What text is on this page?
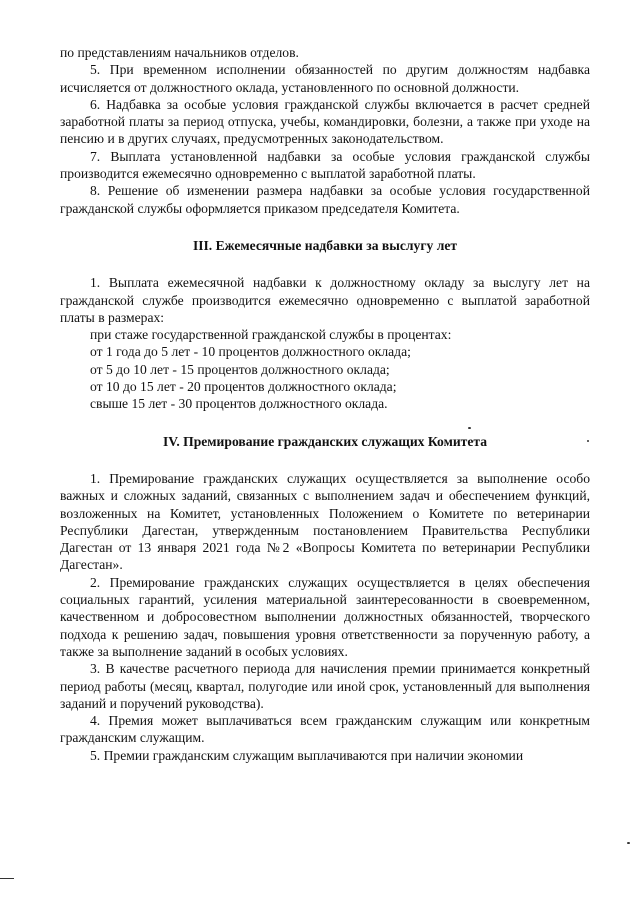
по представлениям начальников отделов.

5. При временном исполнении обязанностей по другим должностям надбавка исчисляется от должностного оклада, установленного по основной должности.

6. Надбавка за особые условия гражданской службы включается в расчет средней заработной платы за период отпуска, учебы, командировки, болезни, а также при уходе на пенсию и в других случаях, предусмотренных законодательством.

7. Выплата установленной надбавки за особые условия гражданской службы производится ежемесячно одновременно с выплатой заработной платы.

8. Решение об изменении размера надбавки за особые условия государственной гражданской службы оформляется приказом председателя Комитета.

III. Ежемесячные надбавки за выслугу лет

1. Выплата ежемесячной надбавки к должностному окладу за выслугу лет на гражданской службе производится ежемесячно одновременно с выплатой заработной платы в размерах:

при стаже государственной гражданской службы в процентах:

от 1 года до 5 лет - 10 процентов должностного оклада;

от 5 до 10 лет - 15 процентов должностного оклада;

от 10 до 15 лет - 20 процентов должностного оклада;

свыше 15 лет - 30 процентов должностного оклада.

IV. Премирование гражданских служащих Комитета

1. Премирование гражданских служащих осуществляется за выполнение особо важных и сложных заданий, связанных с выполнением задач и обеспечением функций, возложенных на Комитет, установленных Положением о Комитете по ветеринарии Республики Дагестан, утвержденным постановлением Правительства Республики Дагестан от 13 января 2021 года №2 «Вопросы Комитета по ветеринарии Республики Дагестан».

2. Премирование гражданских служащих осуществляется в целях обеспечения социальных гарантий, усиления материальной заинтересованности в своевременном, качественном и добросовестном выполнении должностных обязанностей, творческого подхода к решению задач, повышения уровня ответственности за порученную работу, а также за выполнение заданий в особых условиях.

3. В качестве расчетного периода для начисления премии принимается конкретный период работы (месяц, квартал, полугодие или иной срок, установленный для выполнения заданий и поручений руководства).

4. Премия может выплачиваться всем гражданским служащим или конкретным гражданским служащим.

5. Премии гражданским служащим выплачиваются при наличии экономии
